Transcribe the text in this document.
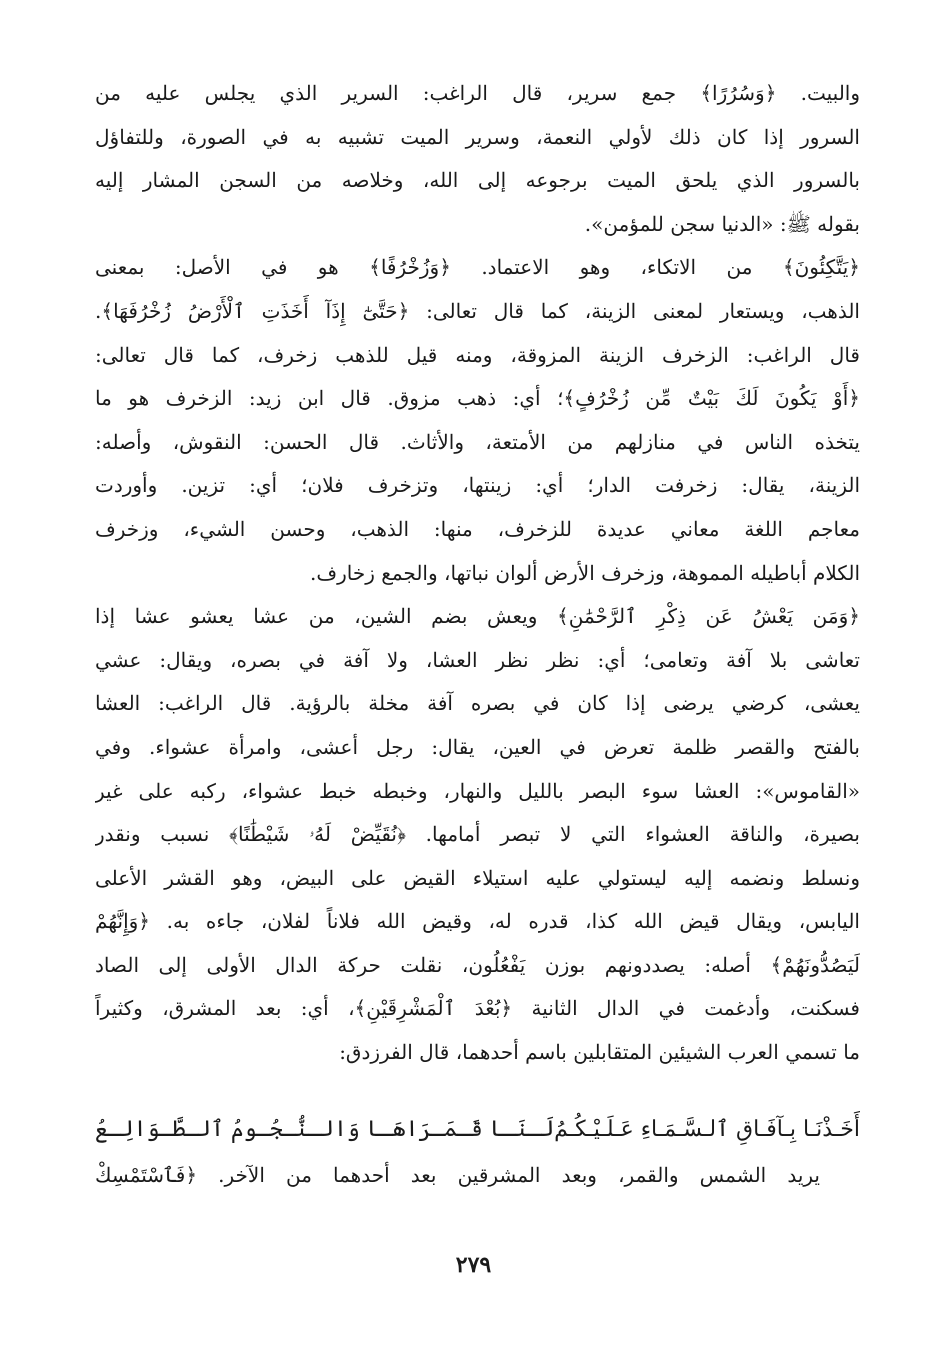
والبيت. ﴿وَسُرُرًا﴾ جمع سرير، قال الراغب: السرير الذي يجلس عليه من
السرور إذا كان ذلك لأولي النعمة، وسرير الميت تشبيه به في الصورة، وللتفاؤل
بالسرور الذي يلحق الميت برجوعه إلى الله، وخلاصه من السجن المشار إليه
بقوله ﷺ: «الدنيا سجن للمؤمن».
﴿يَتَّكِئُونَ﴾ من الاتكاء، وهو الاعتماد. ﴿وَزُخْرُفًا﴾ هو في الأصل: بمعنى
الذهب، ويستعار لمعنى الزينة، كما قال تعالى: ﴿حَتَّىٰٓ إِذَآ أَخَذَتِ ٱلْأَرْضُ زُخْرُفَهَا﴾.
قال الراغب: الزخرف الزينة المزوقة، ومنه قيل للذهب زخرف، كما قال تعالى:
﴿أَوْ يَكُونَ لَكَ بَيْتٌ مِّن زُخْرُفٍ﴾؛ أي: ذهب مزوق. قال ابن زيد: الزخرف هو ما
يتخذه الناس في منازلهم من الأمتعة، والأثاث. قال الحسن: النقوش، وأصله:
الزينة، يقال: زخرفت الدار؛ أي: زينتها، وتزخرف فلان؛ أي: تزين. وأوردت
معاجم اللغة معاني عديدة للزخرف، منها: الذهب، وحسن الشيء، وزخرف
الكلام أباطيله المموهة، وزخرف الأرض ألوان نباتها، والجمع زخارف.
﴿وَمَن يَعْشُ عَن ذِكْرِ ٱلرَّحْمَٰنِ﴾ ويعش بضم الشين، من عشا يعشو عشا إذا
تعاشى بلا آفة وتعامى؛ أي: نظر نظر العشا، ولا آفة في بصره، ويقال: عشي
يعشى، كرضي يرضى إذا كان في بصره آفة مخلة بالرؤية. قال الراغب: العشا
بالفتح والقصر ظلمة تعرض في العين، يقال: رجل أعشى، وامرأة عشواء. وفي
«القاموس»: العشا سوء البصر بالليل والنهار، وخبطه خبط عشواء، ركبه على غير
بصيرة، والناقة العشواء التي لا تبصر أمامها. ﴿نُقَيِّضْ لَهُۥ شَيْطَٰنًا﴾ نسبب ونقدر
ونسلط ونضمه إليه ليستولي عليه استيلاء القيض على البيض، وهو القشر الأعلى
اليابس، ويقال قيض الله كذا، قدره له، وقيض الله فلاناً لفلان، جاءه به. ﴿وَإِنَّهُمْ
لَيَصُدُّونَهُمْ﴾ أصله: يصددونهم بوزن يَفْعُلُون، نقلت حركة الدال الأولى إلى الصاد
فسكنت، وأدغمت في الدال الثانية ﴿بُعْدَ ٱلْمَشْرِقَيْنِ﴾، أي: بعد المشرق، وكثيراً
ما تسمي العرب الشيئين المتقابلين باسم أحدهما، قال الفرزدق:
أَخَـذْنَـا بِـآفَـاقِ ٱلـسَّـمَـاءِ عَـلَـيْـكُـمُ
لَـنَـا قَـمَـرَاهَـا وَالـنُّـجُـومُ ٱلـطَّـوَالِـعُ
يريد الشمس والقمر، وبعد المشرقين بعد أحدهما من الآخر. ﴿فَٱسْتَمْسِكْ
٢٧٩
